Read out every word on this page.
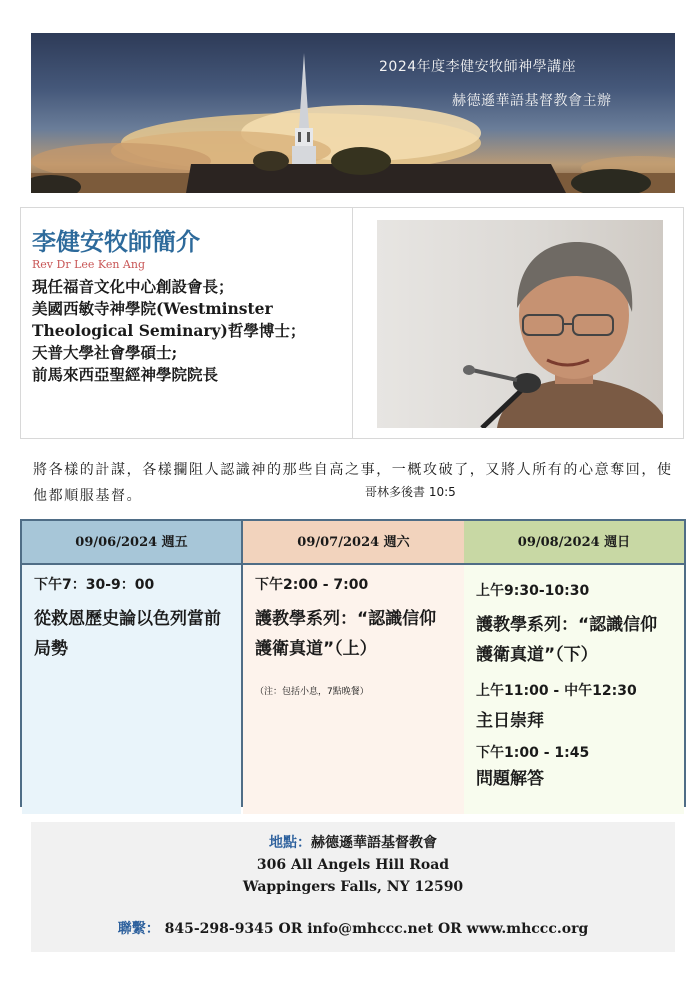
2024年度李健安牧師神學講座
赫德遜華語基督教會主辦
李健安牧師簡介
Rev Dr Lee Ken Ang
現任福音文化中心創設會長；
美國西敏寺神學院(Westminster
Theological Seminary)哲學博士；
天普大學社會學碩士;
前馬來西亞聖經神學院院長
將各樣的計謀，各樣攔阻人認識神的那些自高之事，一概攻破了，又將人所有的心意奪回，使他都順服基督。	哥林多後書 10:5
09/06/2024 週五
下午7：30-9：00
從救恩歷史論以色列當前局勢
09/07/2024 週六
下午2:00 - 7:00
護教學系列：“認識信仰 護衛真道”（上）
（注：包括小息，7點晚餐）
09/08/2024 週日
上午9:30-10:30
護教學系列：“認識信仰 護衛真道”（下）
上午11:00 - 中午12:30
主日崇拜
下午1:00 - 1:45
問題解答
地點：赫德遜華語基督教會
306 All Angels Hill Road
Wappingers Falls, NY 12590
聯繫： 845-298-9345 OR info@mhccc.net OR www.mhccc.org
